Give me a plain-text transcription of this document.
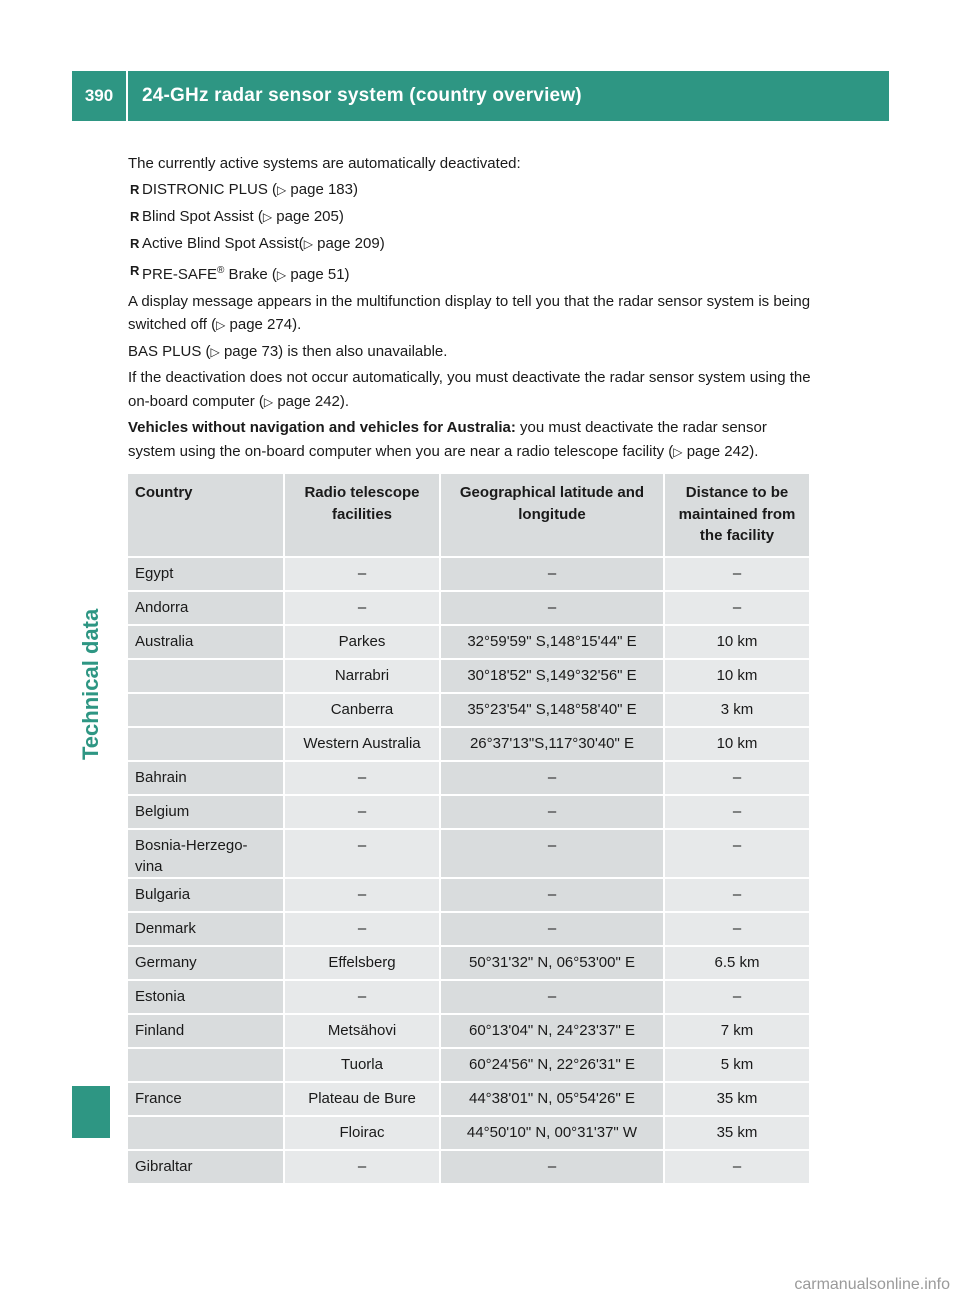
390	24-GHz radar sensor system (country overview)
Technical data

The currently active systems are automatically deactivated:

R DISTRONIC PLUS (▷ page 183)
R Blind Spot Assist (▷ page 205)
R Active Blind Spot Assist(▷ page 209)
R PRE-SAFE® Brake (▷ page 51)

A display message appears in the multifunction display to tell you that the radar sensor system is being switched off (▷ page 274).

BAS PLUS (▷ page 73) is then also unavailable.

If the deactivation does not occur automatically, you must deactivate the radar sensor system using the on-board computer (▷ page 242).

Vehicles without navigation and vehicles for Australia: you must deactivate the radar sensor system using the on-board computer when you are near a radio telescope facility (▷ page 242).

Country	Radio telescope facilities	Geographical latitude and longitude	Distance to be maintained from the facility
Egypt	–	–	–
Andorra	–	–	–
Australia	Parkes	32°59'59" S,148°15'44" E	10 km
	Narrabri	30°18'52" S,149°32'56" E	10 km
	Canberra	35°23'54" S,148°58'40" E	3 km
	Western Australia	26°37'13"S,117°30'40" E	10 km
Bahrain	–	–	–
Belgium	–	–	–
Bosnia-Herzego-
vina	–	–	–
Bulgaria	–	–	–
Denmark	–	–	–
Germany	Effelsberg	50°31'32" N, 06°53'00" E	6.5 km
Estonia	–	–	–
Finland	Metsähovi	60°13'04" N, 24°23'37" E	7 km
	Tuorla	60°24'56" N, 22°26'31" E	5 km
France	Plateau de Bure	44°38'01" N, 05°54'26" E	35 km
	Floirac	44°50'10" N, 00°31'37" W	35 km
Gibraltar	–	–	–
carmanualsonline.info
